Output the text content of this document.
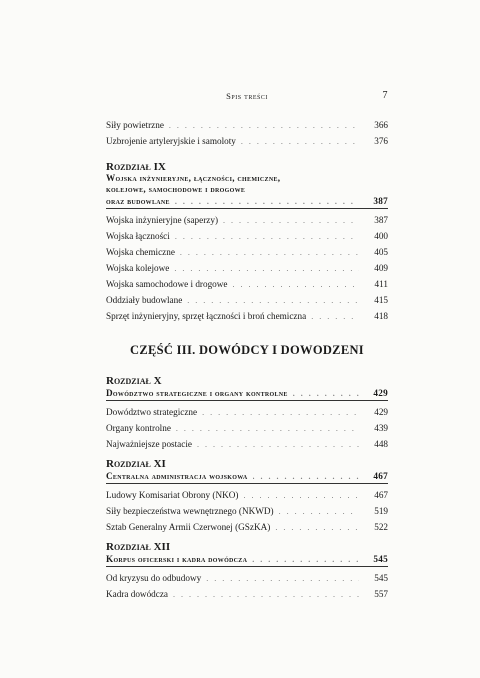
Spis treści	7
Siły powietrzne . . .	366
Uzbrojenie artyleryjskie i samoloty . . .	376
Rozdział IX
Wojska inżynieryjne, łączności, chemiczne,
kolejowe, samochodowe i drogowe
oraz budowlane . . .	387
Wojska inżynieryjne (saperzy) . . .	387
Wojska łączności . . .	400
Wojska chemiczne . . .	405
Wojska kolejowe . . .	409
Wojska samochodowe i drogowe . . .	411
Oddziały budowlane . . .	415
Sprzęt inżynieryjny, sprzęt łączności i broń chemiczna . . .	418
CZĘŚĆ III. DOWÓDCY I DOWODZENI
Rozdział X
Dowództwo strategiczne i organy kontrolne . . .	429
Dowództwo strategiczne . . .	429
Organy kontrolne . . .	439
Najważniejsze postacie . . .	448
Rozdział XI
Centralna administracja wojskowa . . .	467
Ludowy Komisariat Obrony (NKO) . . .	467
Siły bezpieczeństwa wewnętrznego (NKWD) . . .	519
Sztab Generalny Armii Czerwonej (GSzKA) . . .	522
Rozdział XII
Korpus oficerski i kadra dowódcza . . .	545
Od kryzysu do odbudowy . . .	545
Kadra dowódcza . . .	557
